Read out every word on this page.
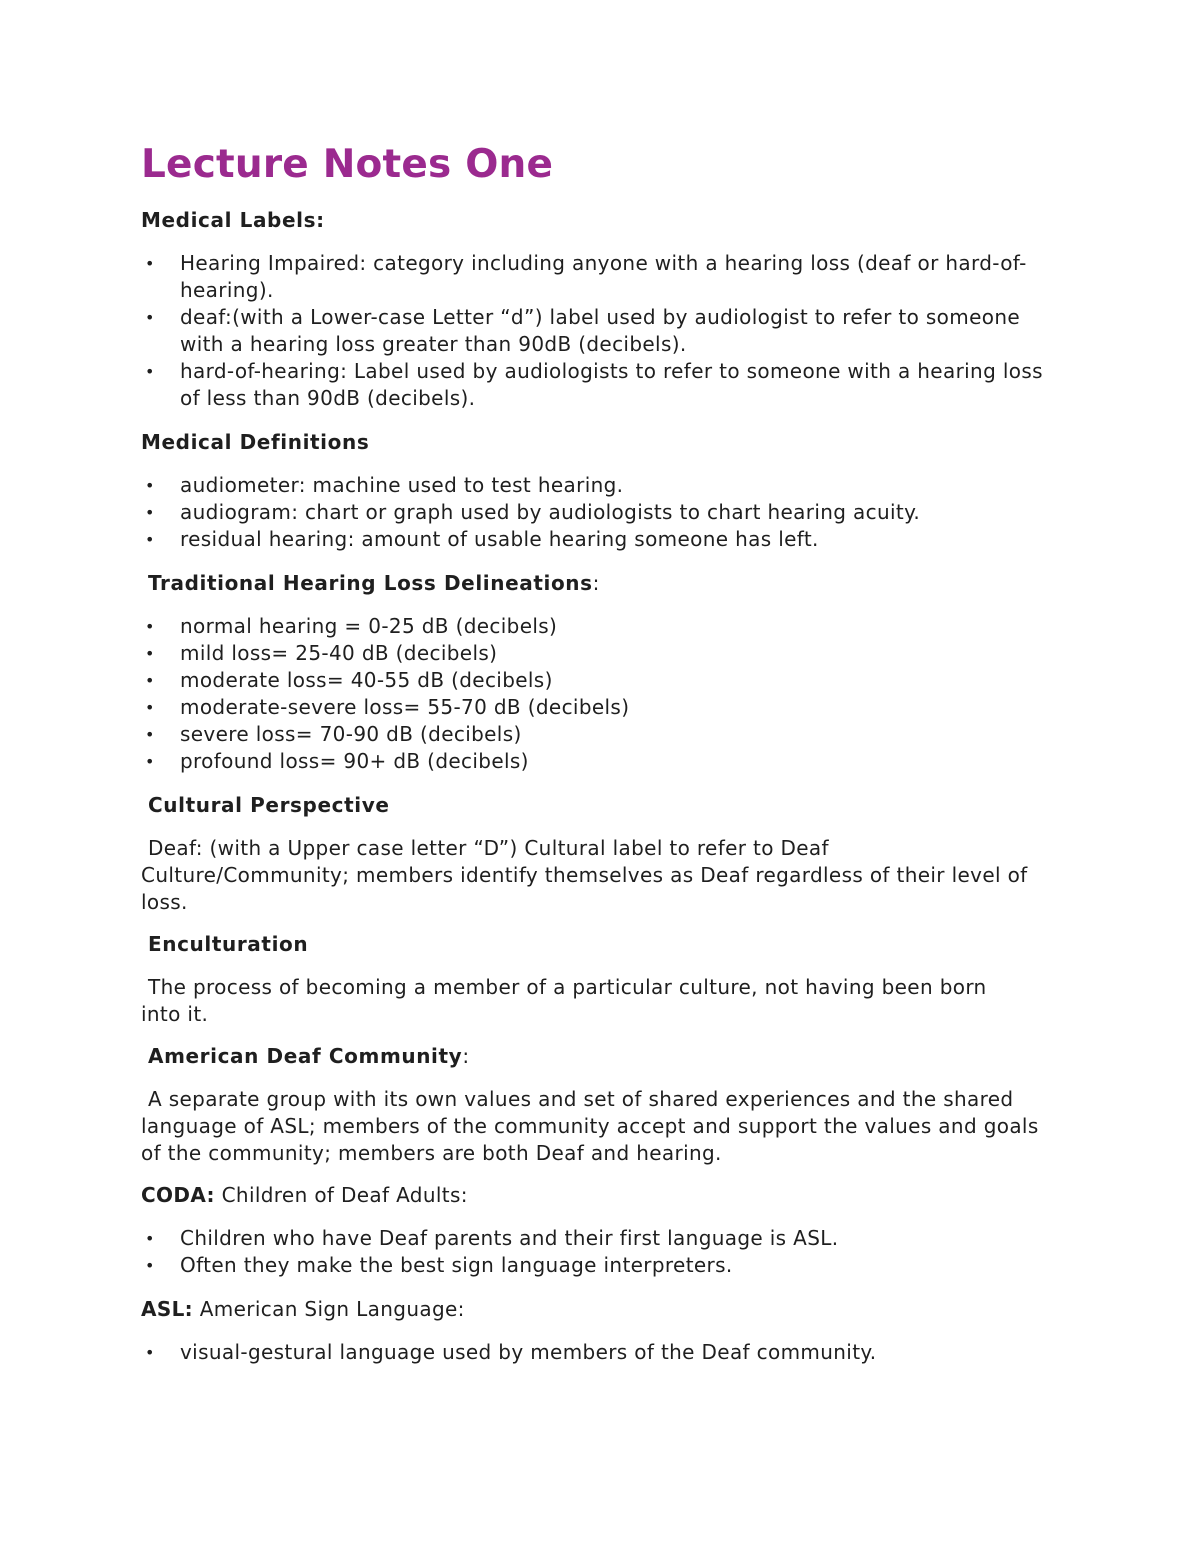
Lecture Notes One
Medical Labels:
•	Hearing Impaired: category including anyone with a hearing loss (deaf or hard-of-hearing).
•	deaf:(with a Lower-case Letter “d”) label used by audiologist to refer to someone with a hearing loss greater than 90dB (decibels).
•	hard-of-hearing: Label used by audiologists to refer to someone with a hearing loss of less than 90dB (decibels).
Medical Definitions
•	audiometer: machine used to test hearing.
•	audiogram: chart or graph used by audiologists to chart hearing acuity.
•	residual hearing: amount of usable hearing someone has left.
Traditional Hearing Loss Delineations:
•	normal hearing = 0-25 dB (decibels)
•	mild loss= 25-40 dB (decibels)
•	moderate loss= 40-55 dB (decibels)
•	moderate-severe loss= 55-70 dB (decibels)
•	severe loss= 70-90 dB (decibels)
•	profound loss= 90+ dB (decibels)
Cultural Perspective
Deaf: (with a Upper case letter “D”) Cultural label to refer to Deaf
Culture/Community; members identify themselves as Deaf regardless of their level of loss.
Enculturation
The process of becoming a member of a particular culture, not having been born
into it.
American Deaf Community:
A separate group with its own values and set of shared experiences and the shared
language of ASL; members of the community accept and support the values and goals of the community; members are both Deaf and hearing.
CODA: Children of Deaf Adults:
•	Children who have Deaf parents and their first language is ASL.
•	Often they make the best sign language interpreters.
ASL: American Sign Language:
•	visual-gestural language used by members of the Deaf community.
